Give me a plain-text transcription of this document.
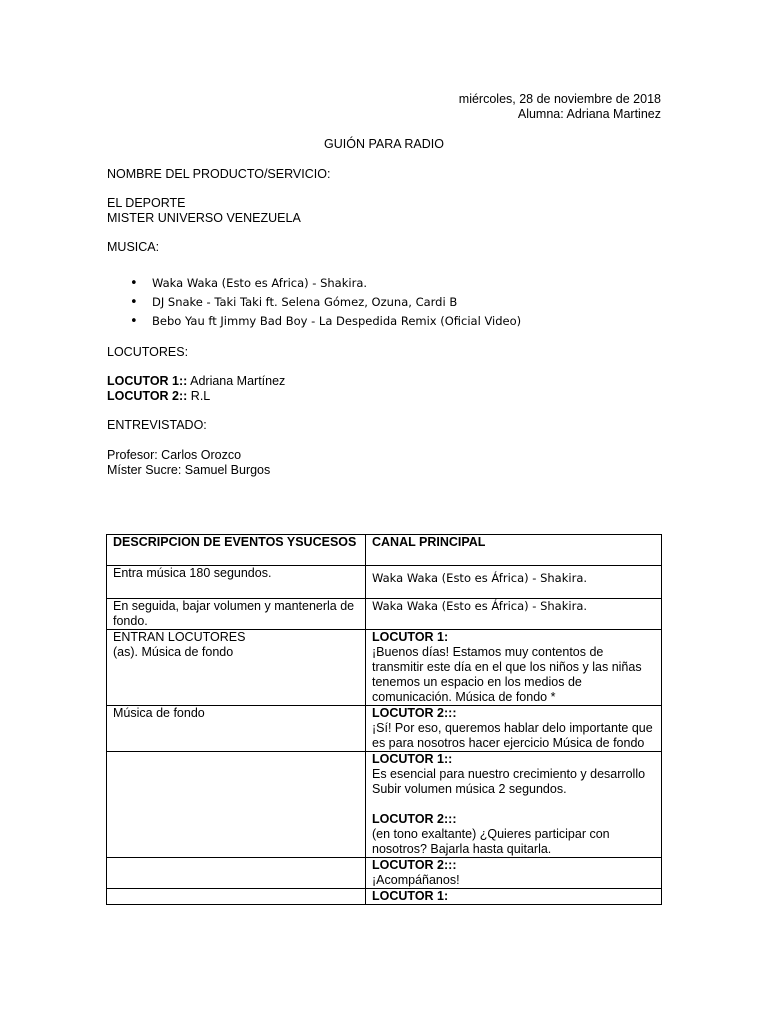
miércoles, 28 de noviembre de 2018
Alumna: Adriana Martinez
GUIÓN PARA RADIO
NOMBRE DEL PRODUCTO/SERVICIO:
EL DEPORTE
MISTER UNIVERSO VENEZUELA
MUSICA:
• Waka Waka (Esto es Africa) - Shakira.
• DJ Snake - Taki Taki ft. Selena Gómez, Ozuna, Cardi B
• Bebo Yau ft Jimmy Bad Boy - La Despedida Remix (Oficial Video)
LOCUTORES:
LOCUTOR 1:: Adriana Martínez
LOCUTOR 2:: R.L
ENTREVISTADO:
Profesor: Carlos Orozco
Míster Sucre: Samuel Burgos
DESCRIPCION DE EVENTOS YSUCESOS	CANAL PRINCIPAL
Entra música 180 segundos.	Waka Waka (Esto es África) - Shakira.

En seguida, bajar volumen y mantenerla de fondo.	Waka Waka (Esto es África) - Shakira.

ENTRAN LOCUTORES
(as). Música de fondo	LOCUTOR 1:
¡Buenos días! Estamos muy contentos de transmitir este día en el que los niños y las niñas tenemos un espacio en los medios de comunicación. Música de fondo *

Música de fondo	LOCUTOR 2:::
¡Sí! Por eso, queremos hablar delo importante que es para nosotros hacer ejercicio Música de fondo

	LOCUTOR 1::
Es esencial para nuestro crecimiento y desarrollo Subir volumen música 2 segundos.
LOCUTOR 2:::
(en tono exaltante) ¿Quieres participar con nosotros? Bajarla hasta quitarla.

	LOCUTOR 2:::
¡Acompáñanos!

	LOCUTOR 1:
